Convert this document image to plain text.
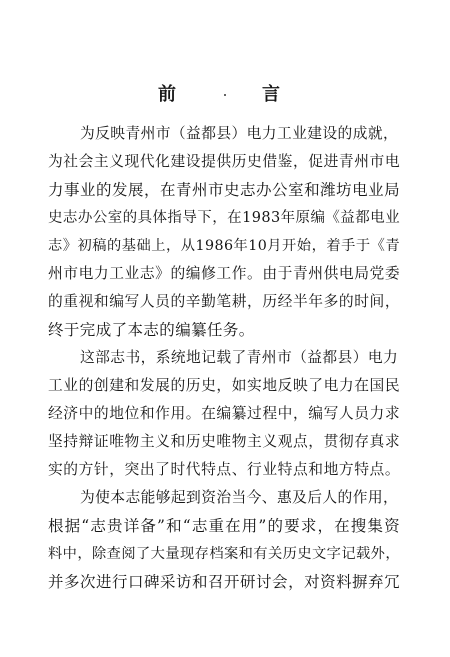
前	言
为反映青州市（益都县）电力工业建设的成就，
为社会主义现代化建设提供历史借鉴，促进青州市电
力事业的发展，在青州市史志办公室和潍坊电业局
史志办公室的具体指导下，在1983年原编《益都电业
志》初稿的基础上，从1986年10月开始，着手于《青
州市电力工业志》的编修工作。由于青州供电局党委
的重视和编写人员的辛勤笔耕，历经半年多的时间，
终于完成了本志的编纂任务。
这部志书，系统地记载了青州市（益都县）电力
工业的创建和发展的历史，如实地反映了电力在国民
经济中的地位和作用。在编纂过程中，编写人员力求
坚持辩证唯物主义和历史唯物主义观点，贯彻存真求
实的方针，突出了时代特点、行业特点和地方特点。
为使本志能够起到资治当今、惠及后人的作用，
根据“志贵详备”和“志重在用”的要求，在搜集资
料中，除查阅了大量现存档案和有关历史文字记载外，
并多次进行口碑采访和召开研讨会，对资料摒弃冗
